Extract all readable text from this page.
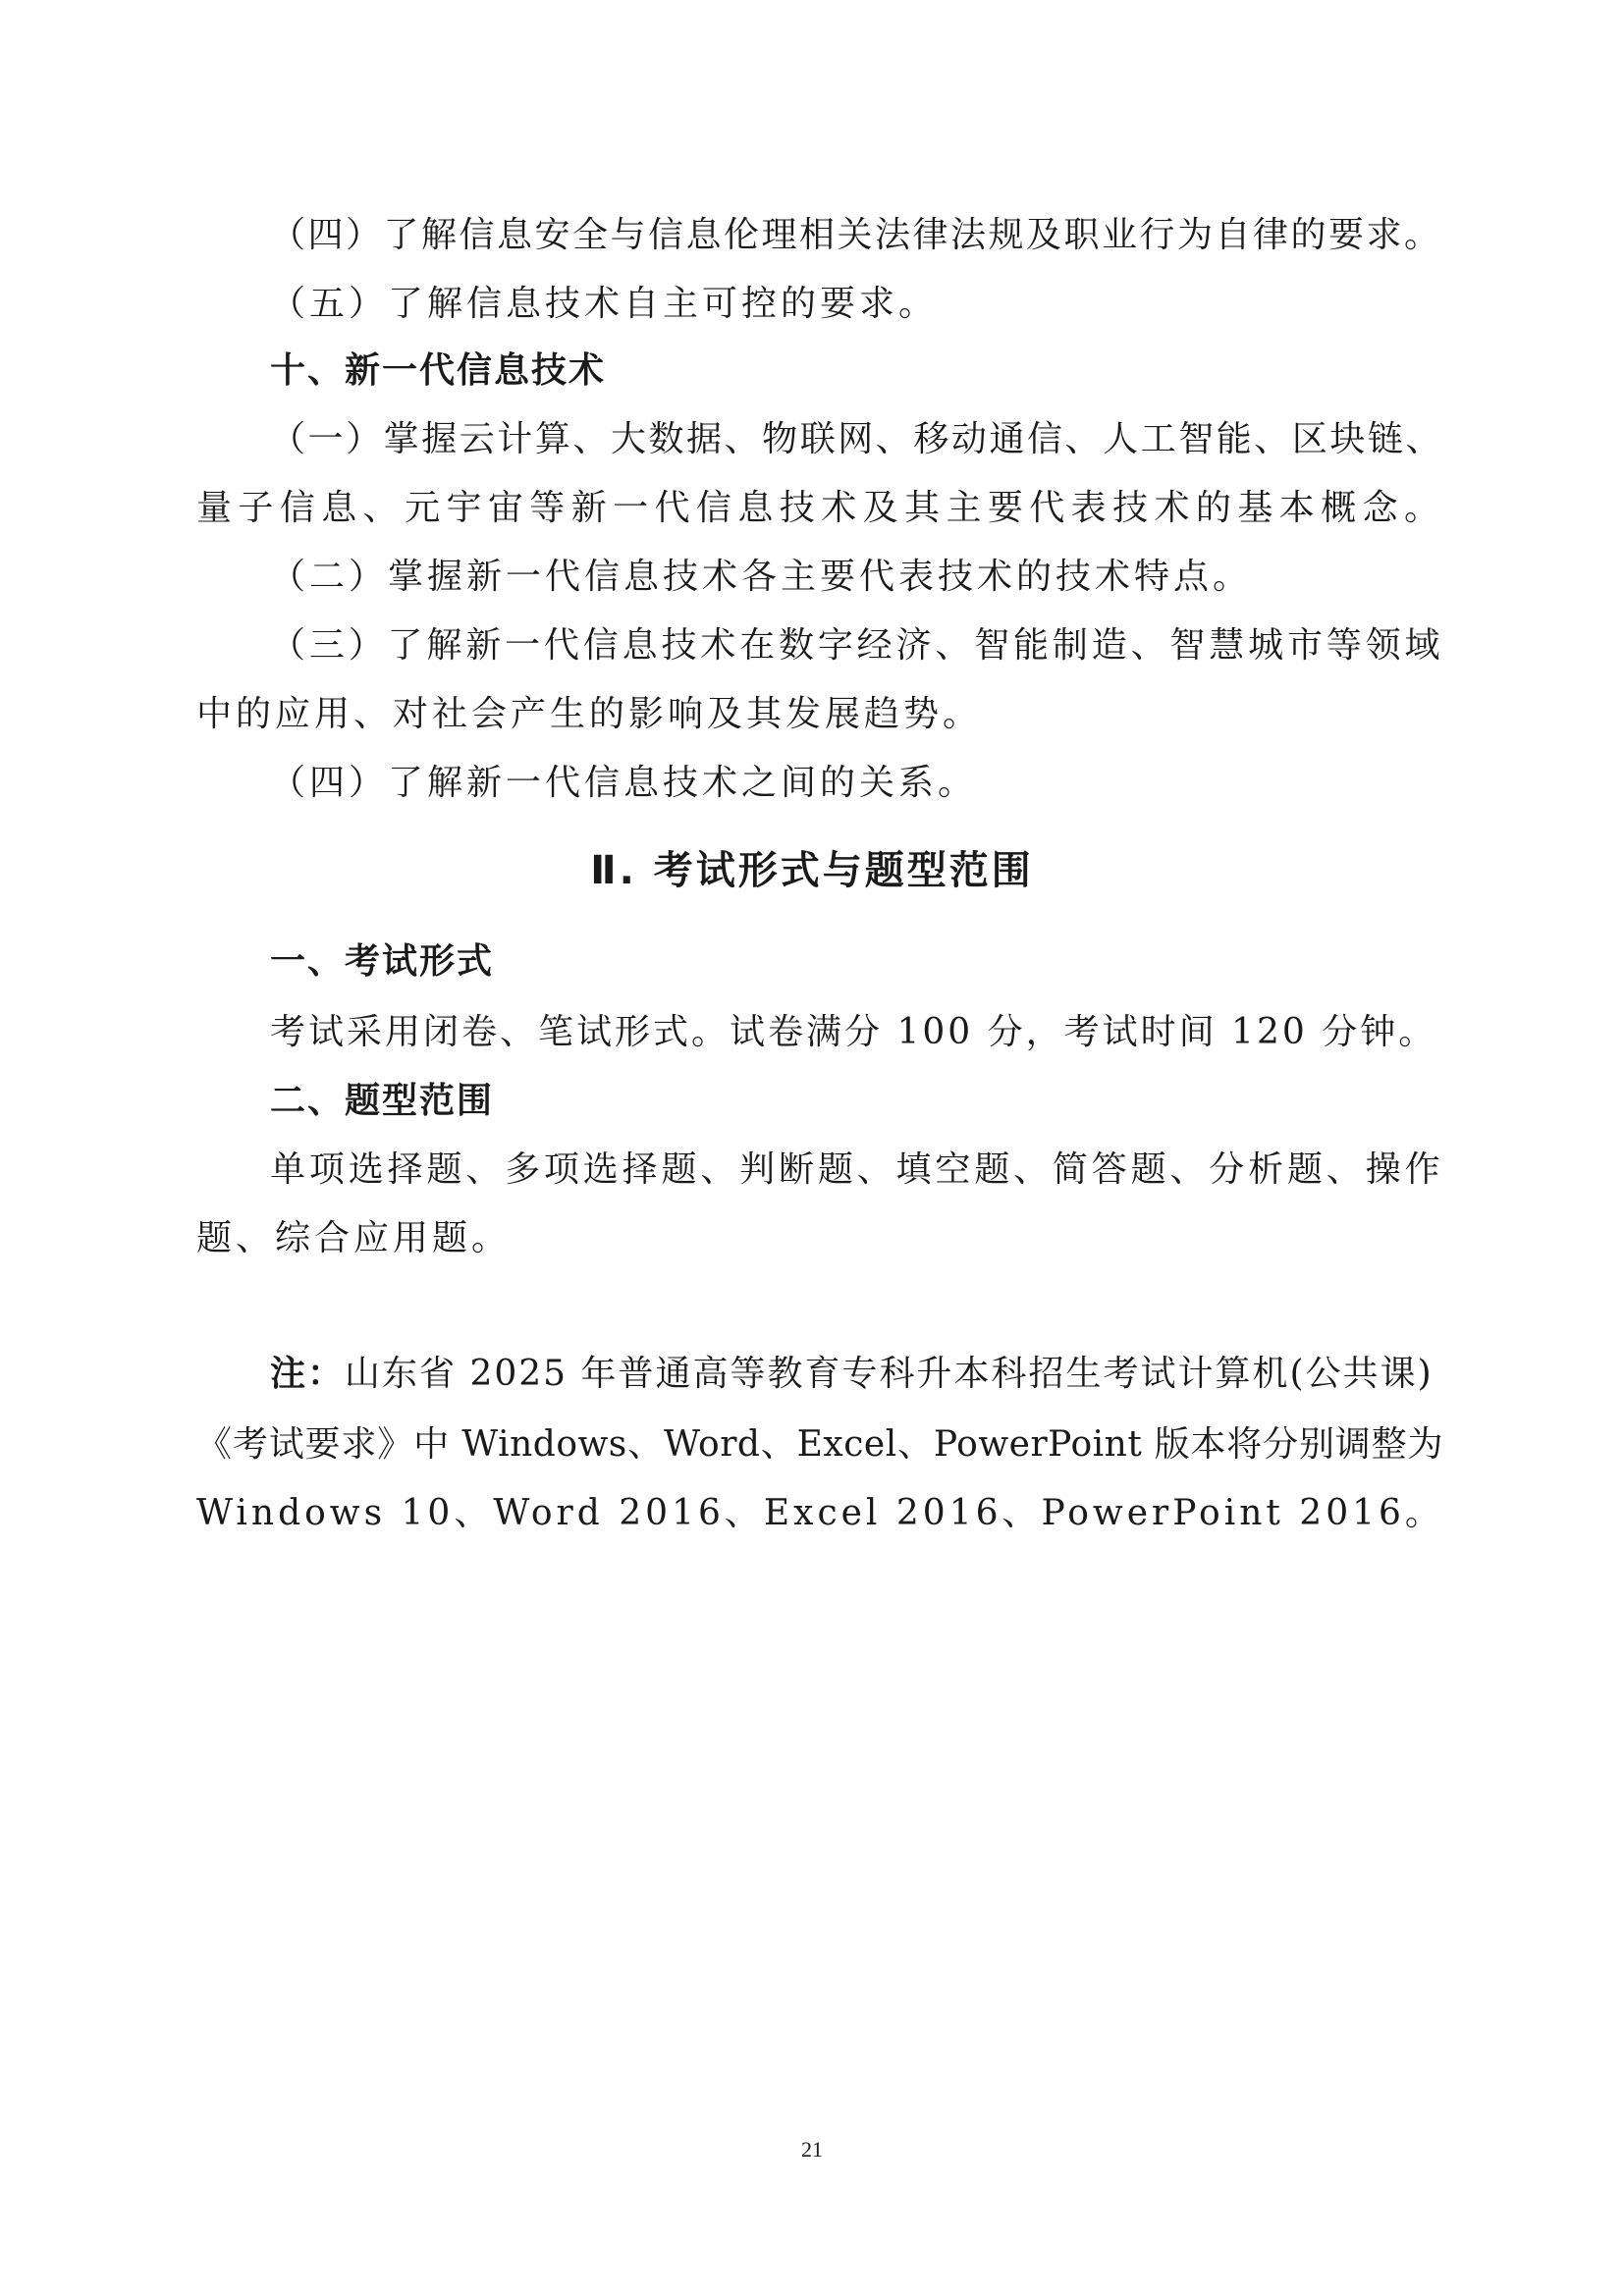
（四）了解信息安全与信息伦理相关法律法规及职业行为自律的要求。
（五）了解信息技术自主可控的要求。
十、新一代信息技术
（一）掌握云计算、大数据、物联网、移动通信、人工智能、区块链、
量子信息、元宇宙等新一代信息技术及其主要代表技术的基本概念。
（二）掌握新一代信息技术各主要代表技术的技术特点。
（三）了解新一代信息技术在数字经济、智能制造、智慧城市等领域
中的应用、对社会产生的影响及其发展趋势。
（四）了解新一代信息技术之间的关系。
Ⅱ. 考试形式与题型范围
一、考试形式
考试采用闭卷、笔试形式。试卷满分 100 分，考试时间 120 分钟。
二、题型范围
单项选择题、多项选择题、判断题、填空题、简答题、分析题、操作
题、综合应用题。
注：山东省 2025 年普通高等教育专科升本科招生考试计算机(公共课)
《考试要求》中 Windows、Word、Excel、PowerPoint 版本将分别调整为
Windows 10、Word 2016、Excel 2016、PowerPoint 2016。
21
